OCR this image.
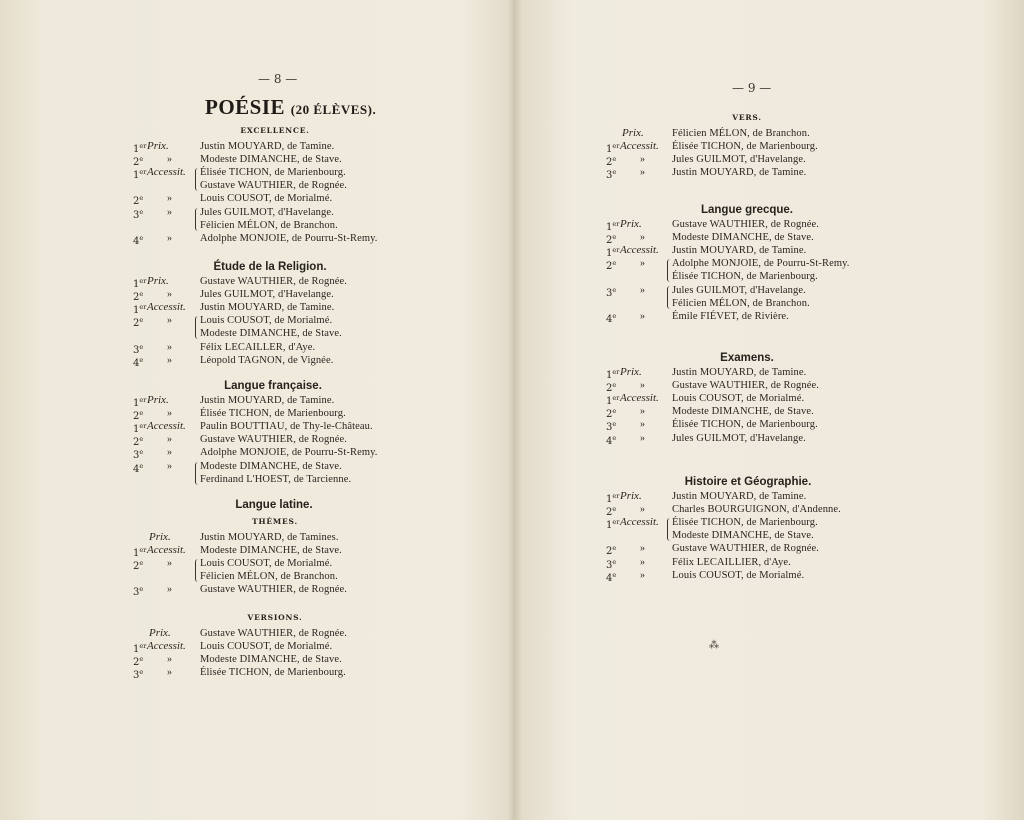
— 8 —
POÉSIE (20 ÉLÈVES).
EXCELLENCE.
1er Prix.	Justin MOUYARD, de Tamine.
2e	»	Modeste DIMANCHE, de Stave.
1er Accessit. Élisée TICHON, de Marienbourg.
Gustave WAUTHIER, de Rognée.
2e	»	Louis COUSOT, de Morialmé.
3e	»	Jules GUILMOT, d'Havelange.
Félicien MÉLON, de Branchon.
4e	»	Adolphe MONJOIE, de Pourru-St-Remy.
Étude de la Religion.
1er Prix.	Gustave WAUTHIER, de Rognée.
2e	»	Jules GUILMOT, d'Havelange.
1er Accessit. Justin MOUYARD, de Tamine.
2e	»	Louis COUSOT, de Morialmé.
Modeste DIMANCHE, de Stave.
3e	»	Félix LECAILLER, d'Aye.
4e	»	Léopold TAGNON, de Vignée.
Langue française.
1er Prix.	Justin MOUYARD, de Tamine.
2e	»	Élisée TICHON, de Marienbourg.
1er Accessit. Paulin BOUTTIAU, de Thy-le-Château.
2e	»	Gustave WAUTHIER, de Rognée.
3e	»	Adolphe MONJOIE, de Pourru-St-Remy.
4e	»	Modeste DIMANCHE, de Stave.
Ferdinand L'HOEST, de Tarcienne.
Langue latine.
THÈMES.
Prix.	Justin MOUYARD, de Tamines.
1er Accessit. Modeste DIMANCHE, de Stave.
2e	»	Louis COUSOT, de Morialmé.
Félicien MÉLON, de Branchon.
3e	»	Gustave WAUTHIER, de Rognée.
VERSIONS.
Prix.	Gustave WAUTHIER, de Rognée.
1er Accessit. Louis COUSOT, de Morialmé.
2e	»	Modeste DIMANCHE, de Stave.
3e	»	Élisée TICHON, de Marienbourg.
— 9 —
VERS.
Prix.	Félicien MÉLON, de Branchon.
1er Accessit. Élisée TICHON, de Marienbourg.
2e	»	Jules GUILMOT, d'Havelange.
3e	»	Justin MOUYARD, de Tamine.
Langue grecque.
1er Prix.	Gustave WAUTHIER, de Rognée.
2e	»	Modeste DIMANCHE, de Stave.
1er Accessit. Justin MOUYARD, de Tamine.
2e	»	Adolphe MONJOIE, de Pourru-St-Remy.
Élisée TICHON, de Marienbourg.
3e	»	Jules GUILMOT, d'Havelange.
Félicien MÉLON, de Branchon.
4e	»	Émile FIÉVET, de Rivière.
Examens.
1er Prix.	Justin MOUYARD, de Tamine.
2e	»	Gustave WAUTHIER, de Rognée.
1er Accessit. Louis COUSOT, de Morialmé.
2e	»	Modeste DIMANCHE, de Stave.
3e	»	Élisée TICHON, de Marienbourg.
4e	»	Jules GUILMOT, d'Havelange.
Histoire et Géographie.
1er Prix.	Justin MOUYARD, de Tamine.
2e	»	Charles BOURGUIGNON, d'Andenne.
1er Accessit. Élisée TICHON, de Marienbourg.
Modeste DIMANCHE, de Stave.
2e	»	Gustave WAUTHIER, de Rognée.
3e	»	Félix LECAILLIER, d'Aye.
4e	»	Louis COUSOT, de Morialmé.
⁂
